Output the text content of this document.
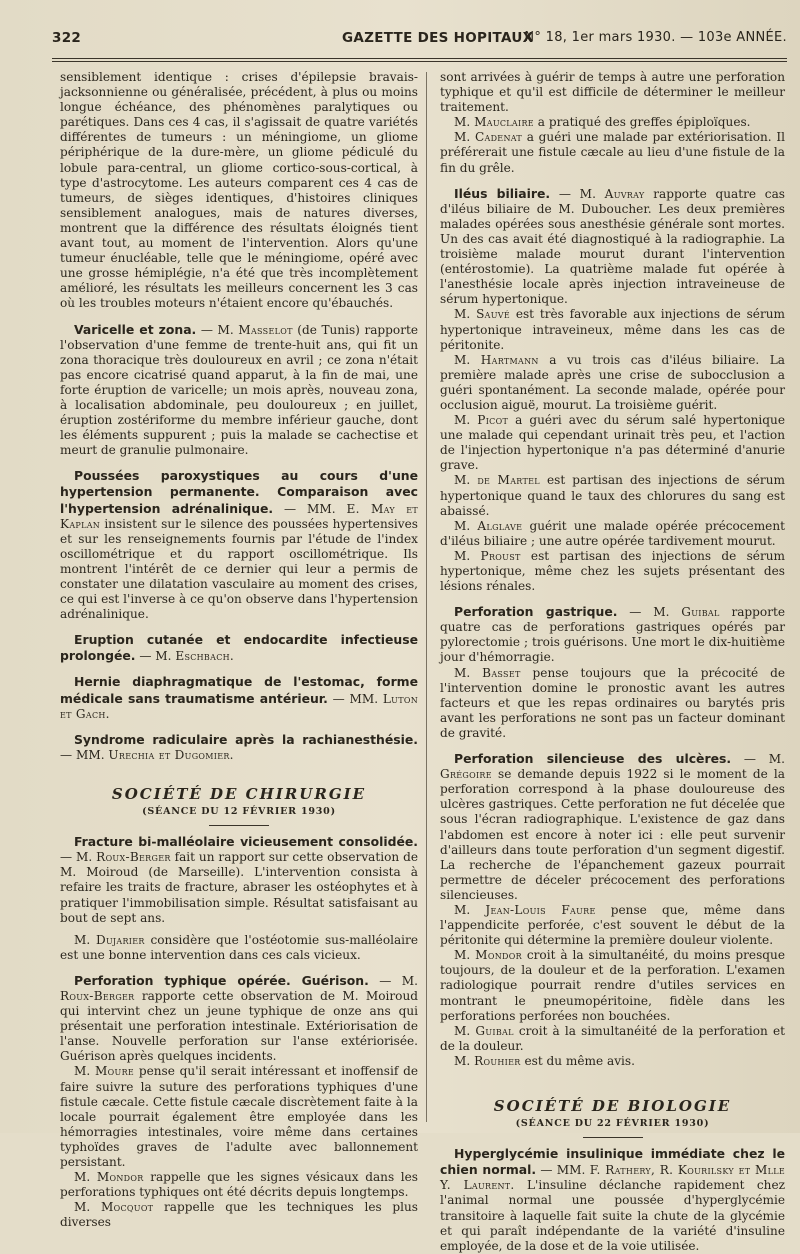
322	GAZETTE DES HOPITAUX
N° 18, 1er mars 1930. — 103e ANNÉE.

sensiblement identique : crises d'épilepsie bravais-jacksonnienne ou généralisée, précédent, à plus ou moins longue échéance, des phénomènes paralytiques ou parétiques. Dans ces 4 cas, il s'agissait de quatre variétés différentes de tumeurs : un méningiome, un gliome périphérique de la dure-mère, un gliome pédiculé du lobule para-central, un gliome cortico-sous-cortical, à type d'astrocytome. Les auteurs comparent ces 4 cas de tumeurs, de sièges identiques, d'histoires cliniques sensiblement analogues, mais de natures diverses, montrent que la différence des résultats éloignés tient avant tout, au moment de l'intervention. Alors qu'une tumeur énucléable, telle que le méningiome, opéré avec une grosse hémiplégie, n'a été que très incomplètement amélioré, les résultats les meilleurs concernent les 3 cas où les troubles moteurs n'étaient encore qu'ébauchés.

Varicelle et zona. — M. Masselot (de Tunis) rapporte l'observation d'une femme de trente-huit ans, qui fit un zona thoracique très douloureux en avril ; ce zona n'était pas encore cicatrisé quand apparut, à la fin de mai, une forte éruption de varicelle; un mois après, nouveau zona, à localisation abdominale, peu douloureux ; en juillet, éruption zostériforme du membre inférieur gauche, dont les éléments suppurent ; puis la malade se cachectise et meurt de granulie pulmonaire.

Poussées paroxystiques au cours d'une hypertension permanente. Comparaison avec l'hypertension adrénalinique. — MM. E. May et Kaplan insistent sur le silence des poussées hypertensives et sur les renseignements fournis par l'étude de l'index oscillométrique et du rapport oscillométrique. Ils montrent l'intérêt de ce dernier qui leur a permis de constater une dilatation vasculaire au moment des crises, ce qui est l'inverse à ce qu'on observe dans l'hypertension adrénalinique.

Eruption cutanée et endocardite infectieuse prolongée. — M. Eschbach.

Hernie diaphragmatique de l'estomac, forme médicale sans traumatisme antérieur. — MM. Luton et Gach.

Syndrome radiculaire après la rachianesthésie. — MM. Urechia et Dugomier.

SOCIÉTÉ DE CHIRURGIE

(SÉANCE DU 12 FÉVRIER 1930)

Fracture bi-malléolaire vicieusement consolidée. — M. Roux-Berger fait un rapport sur cette observation de M. Moiroud (de Marseille). L'intervention consista à refaire les traits de fracture, abraser les ostéophytes et à pratiquer l'immobilisation simple. Résultat satisfaisant au bout de sept ans.

M. Dujarier considère que l'ostéotomie sus-malléolaire est une bonne intervention dans ces cals vicieux.

Perforation typhique opérée. Guérison. — M. Roux-Berger rapporte cette observation de M. Moiroud qui intervint chez un jeune typhique de onze ans qui présentait une perforation intestinale. Extériorisation de l'anse. Nouvelle perforation sur l'anse extériorisée. Guérison après quelques incidents.

M. Moure pense qu'il serait intéressant et inoffensif de faire suivre la suture des perforations typhiques d'une fistule cæcale. Cette fistule cæcale discrètement faite à la locale pourrait également être employée dans les hémorragies intestinales, voire même dans certaines typhoïdes graves de l'adulte avec ballonnement persistant.

M. Mondor rappelle que les signes vésicaux dans les perforations typhiques ont été décrits depuis longtemps.

M. Mocquot rappelle que les techniques les plus diverses

sont arrivées à guérir de temps à autre une perforation typhique et qu'il est difficile de déterminer le meilleur traitement.

M. Mauclaire a pratiqué des greffes épiploïques.

M. Cadenat a guéri une malade par extériorisation. Il préférerait une fistule cæcale au lieu d'une fistule de la fin du grêle.

Iléus biliaire. — M. Auvray rapporte quatre cas d'iléus biliaire de M. Duboucher. Les deux premières malades opérées sous anesthésie générale sont mortes. Un des cas avait été diagnostiqué à la radiographie. La troisième malade mourut durant l'intervention (entérostomie). La quatrième malade fut opérée à l'anesthésie locale après injection intraveineuse de sérum hypertonique.

M. Sauvé est très favorable aux injections de sérum hypertonique intraveineux, même dans les cas de péritonite.

M. Hartmann a vu trois cas d'iléus biliaire. La première malade après une crise de subocclusion a guéri spontanément. La seconde malade, opérée pour occlusion aiguë, mourut. La troisième guérit.

M. Picot a guéri avec du sérum salé hypertonique une malade qui cependant urinait très peu, et l'action de l'injection hypertonique n'a pas déterminé d'anurie grave.

M. de Martel est partisan des injections de sérum hypertonique quand le taux des chlorures du sang est abaissé.

M. Alglave guérit une malade opérée précocement d'iléus biliaire ; une autre opérée tardivement mourut.

M. Proust est partisan des injections de sérum hypertonique, même chez les sujets présentant des lésions rénales.

Perforation gastrique. — M. Guibal rapporte quatre cas de perforations gastriques opérés par pylorectomie ; trois guérisons. Une mort le dix-huitième jour d'hémorragie.

M. Basset pense toujours que la précocité de l'intervention domine le pronostic avant les autres facteurs et que les repas ordinaires ou barytés pris avant les perforations ne sont pas un facteur dominant de gravité.

Perforation silencieuse des ulcères. — M. Grégoire se demande depuis 1922 si le moment de la perforation correspond à la phase douloureuse des ulcères gastriques. Cette perforation ne fut décelée que sous l'écran radiographique. L'existence de gaz dans l'abdomen est encore à noter ici : elle peut survenir d'ailleurs dans toute perforation d'un segment digestif. La recherche de l'épanchement gazeux pourrait permettre de déceler précocement des perforations silencieuses.

M. Jean-Louis Faure pense que, même dans l'appendicite perforée, c'est souvent le début de la péritonite qui détermine la première douleur violente.

M. Mondor croit à la simultanéité, du moins presque toujours, de la douleur et de la perforation. L'examen radiologique pourrait rendre d'utiles services en montrant le pneumopéritoine, fidèle dans les perforations perforées non bouchées.

M. Guibal croit à la simultanéité de la perforation et de la douleur.

M. Rouhier est du même avis.

SOCIÉTÉ DE BIOLOGIE

(SÉANCE DU 22 FÉVRIER 1930)

Hyperglycémie insulinique immédiate chez le chien normal. — MM. F. Rathery, R. Kourilsky et Mlle Y. Laurent. L'insuline déclanche rapidement chez l'animal normal une poussée d'hyperglycémie transitoire à laquelle fait suite la chute de la glycémie et qui paraît indépendante de la variété d'insuline employée, de la dose et de la voie utilisée.
